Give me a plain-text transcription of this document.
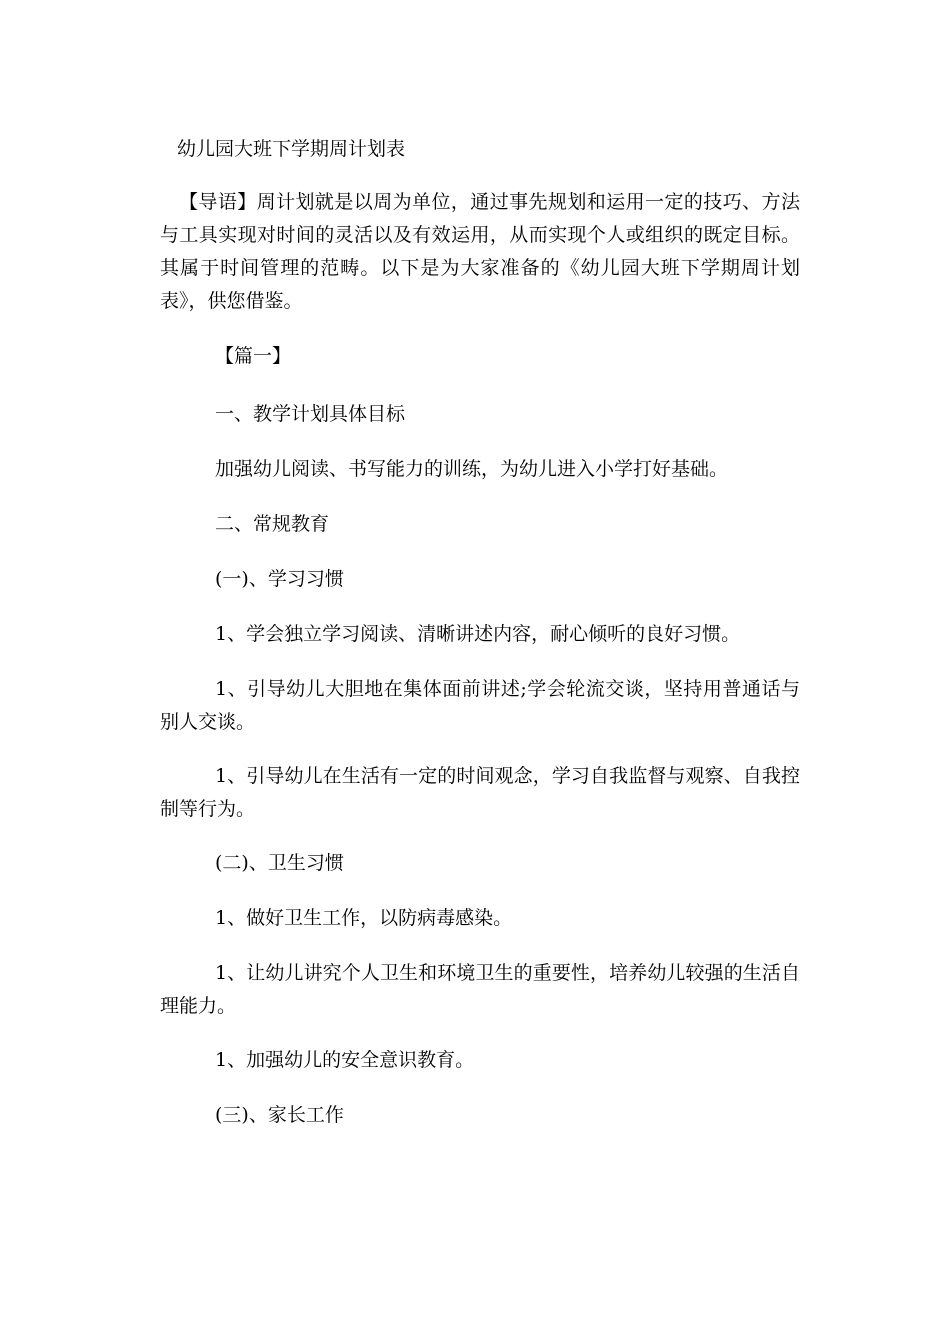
幼儿园大班下学期周计划表

【导语】周计划就是以周为单位，通过事先规划和运用一定的技巧、方法与工具实现对时间的灵活以及有效运用，从而实现个人或组织的既定目标。其属于时间管理的范畴。以下是为大家准备的《幼儿园大班下学期周计划表》，供您借鉴。

【篇一】

一、教学计划具体目标

加强幼儿阅读、书写能力的训练，为幼儿进入小学打好基础。

二、常规教育

(一)、学习习惯

1、学会独立学习阅读、清晰讲述内容，耐心倾听的良好习惯。

1、引导幼儿大胆地在集体面前讲述;学会轮流交谈，坚持用普通话与别人交谈。

1、引导幼儿在生活有一定的时间观念，学习自我监督与观察、自我控制等行为。

(二)、卫生习惯

1、做好卫生工作，以防病毒感染。

1、让幼儿讲究个人卫生和环境卫生的重要性，培养幼儿较强的生活自理能力。

1、加强幼儿的安全意识教育。

(三)、家长工作
